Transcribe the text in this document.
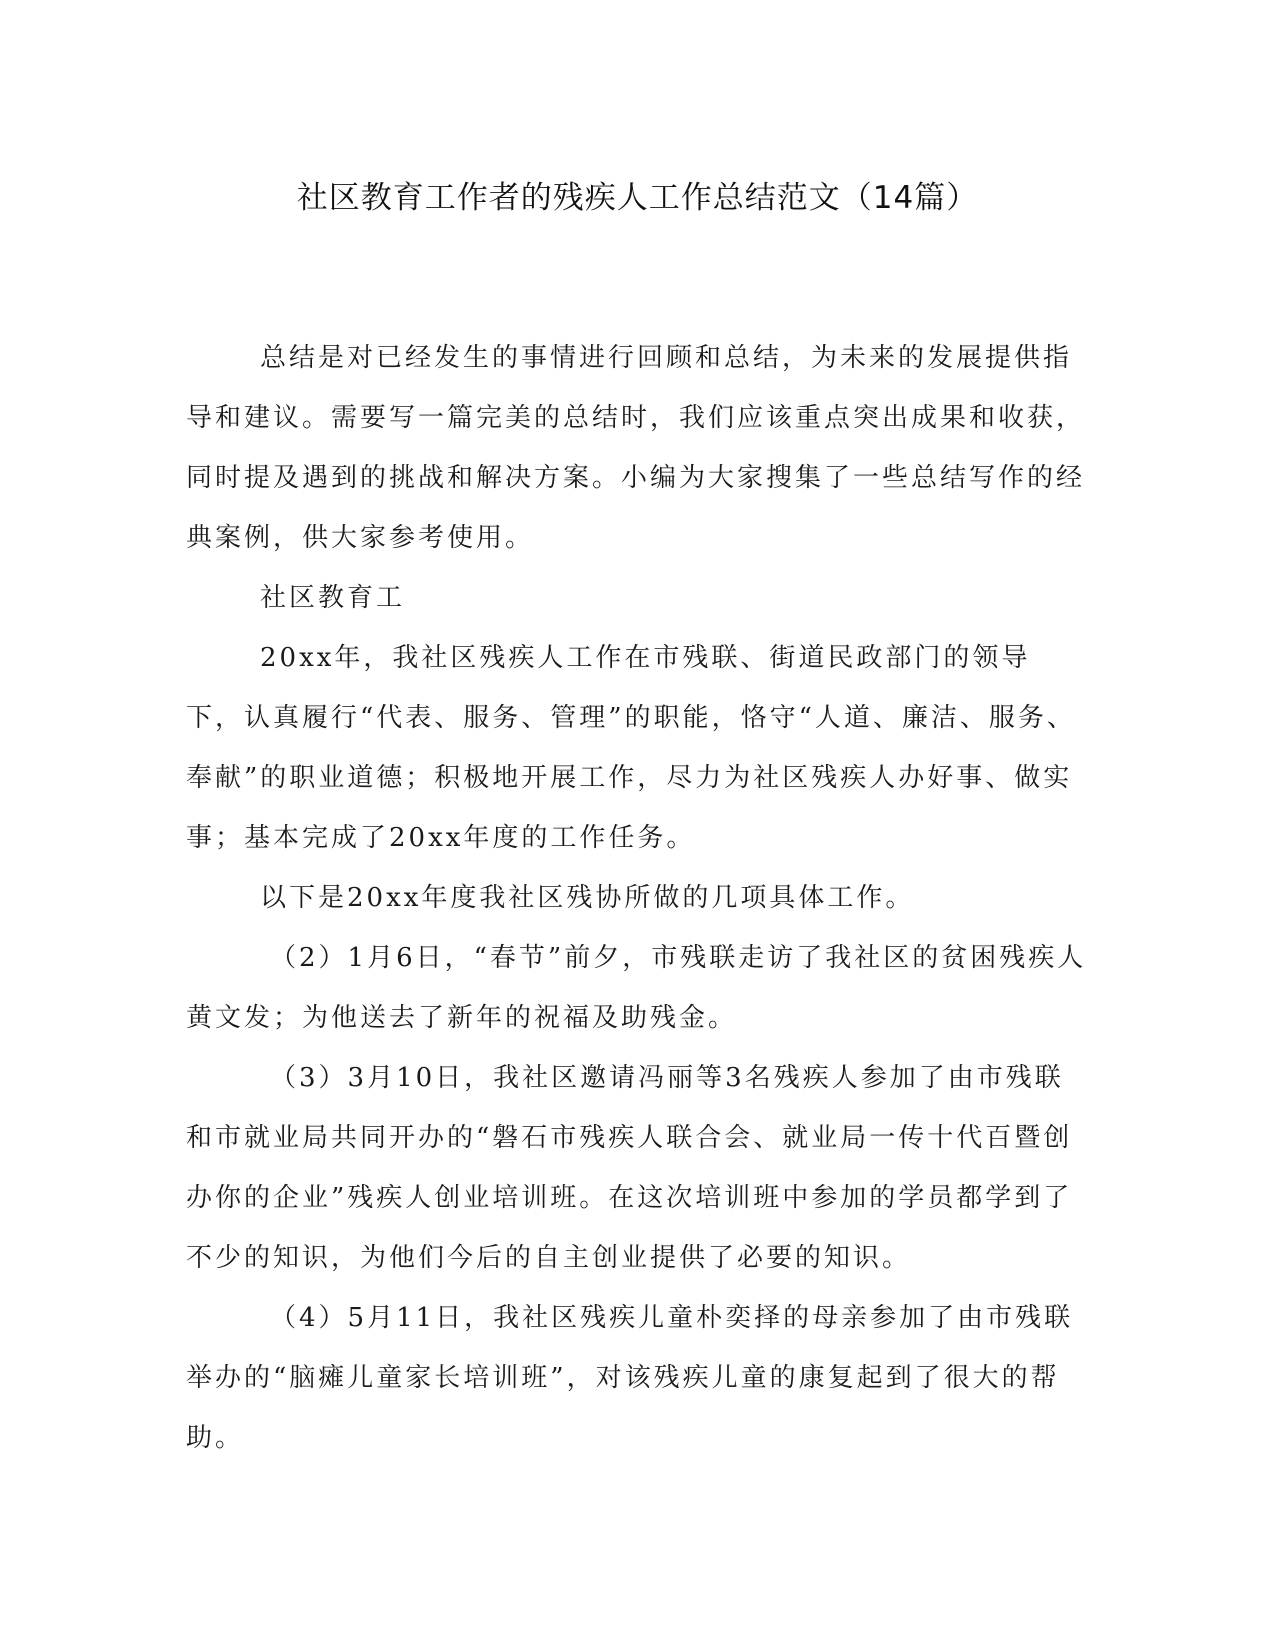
社区教育工作者的残疾人工作总结范文（14篇）

总结是对已经发生的事情进行回顾和总结，为未来的发展提供指导和建议。需要写一篇完美的总结时，我们应该重点突出成果和收获，同时提及遇到的挑战和解决方案。小编为大家搜集了一些总结写作的经典案例，供大家参考使用。

社区教育工

20xx年，我社区残疾人工作在市残联、街道民政部门的领导下，认真履行“代表、服务、管理”的职能，恪守“人道、廉洁、服务、奉献”的职业道德；积极地开展工作，尽力为社区残疾人办好事、做实事；基本完成了20xx年度的工作任务。

以下是20xx年度我社区残协所做的几项具体工作。

（2）1月6日，“春节”前夕，市残联走访了我社区的贫困残疾人黄文发；为他送去了新年的祝福及助残金。

（3）3月10日，我社区邀请冯丽等3名残疾人参加了由市残联和市就业局共同开办的“磐石市残疾人联合会、就业局一传十代百暨创办你的企业”残疾人创业培训班。在这次培训班中参加的学员都学到了不少的知识，为他们今后的自主创业提供了必要的知识。

（4）5月11日，我社区残疾儿童朴奕择的母亲参加了由市残联举办的“脑瘫儿童家长培训班”，对该残疾儿童的康复起到了很大的帮助。
